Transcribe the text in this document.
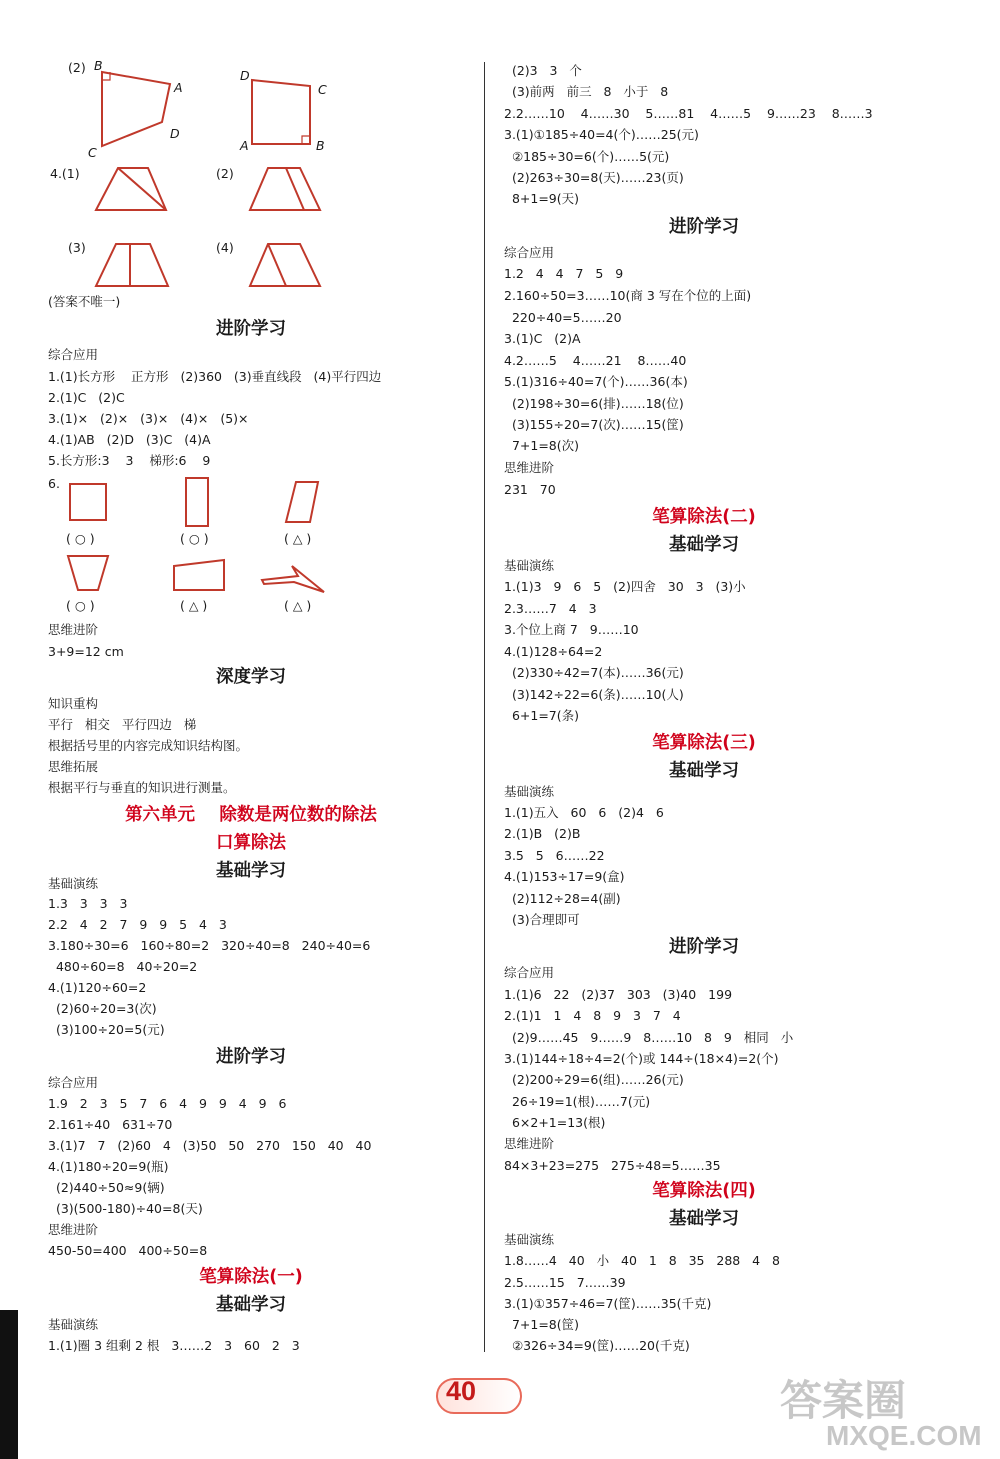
(2) B
A
D
C
D
C
A	B
4.(1)	(2)
(3)	(4)
(答案不唯一)
进阶学习
综合应用
1.(1)长方形    正方形   (2)360   (3)垂直线段   (4)平行四边
2.(1)C   (2)C
3.(1)×   (2)×   (3)×   (4)×   (5)×
4.(1)AB   (2)D   (3)C   (4)A
5.长方形:3    3    梯形:6    9
6.
( ○ )	( ○ )	( △ )
( ○ )	( △ )	( △ )
思维进阶
3+9=12 cm
深度学习
知识重构
平行   相交   平行四边   梯
根据括号里的内容完成知识结构图。
思维拓展
根据平行与垂直的知识进行测量。
第六单元    除数是两位数的除法
口算除法
基础学习
基础演练
1.3   3   3   3
2.2   4   2   7   9   9   5   4   3
3.180÷30=6   160÷80=2   320÷40=8   240÷40=6
480÷60=8   40÷20=2
4.(1)120÷60=2
(2)60÷20=3(次)
(3)100÷20=5(元)
进阶学习
综合应用
1.9   2   3   5   7   6   4   9   9   4   9   6
2.161÷40   631÷70
3.(1)7   7   (2)60   4   (3)50   50   270   150   40   40
4.(1)180÷20=9(瓶)
(2)440÷50≈9(辆)
(3)(500-180)÷40=8(天)
思维进阶
450-50=400   400÷50=8
笔算除法(一)
基础学习
基础演练
1.(1)圈 3 组剩 2 根   3……2   3   60   2   3
(2)3   3   个
(3)前两   前三   8   小于   8
2.2……10    4……30    5……81    4……5    9……23    8……3
3.(1)①185÷40=4(个)……25(元)
②185÷30=6(个)……5(元)
(2)263÷30=8(天)……23(页)
8+1=9(天)
进阶学习
综合应用
1.2   4   4   7   5   9
2.160÷50=3……10(商 3 写在个位的上面)
220÷40=5……20
3.(1)C   (2)A
4.2……5    4……21    8……40
5.(1)316÷40=7(个)……36(本)
(2)198÷30=6(排)……18(位)
(3)155÷20=7(次)……15(筐)
7+1=8(次)
思维进阶
231   70
笔算除法(二)
基础学习
基础演练
1.(1)3   9   6   5   (2)四舍   30   3   (3)小
2.3……7   4   3
3.个位上商 7   9……10
4.(1)128÷64=2
(2)330÷42=7(本)……36(元)
(3)142÷22=6(条)……10(人)
6+1=7(条)
笔算除法(三)
基础学习
基础演练
1.(1)五入   60   6   (2)4   6
2.(1)B   (2)B
3.5   5   6……22
4.(1)153÷17=9(盒)
(2)112÷28=4(副)
(3)合理即可
进阶学习
综合应用
1.(1)6   22   (2)37   303   (3)40   199
2.(1)1   1   4   8   9   3   7   4
(2)9……45   9……9   8……10   8   9   相同   小
3.(1)144÷18÷4=2(个)或 144÷(18×4)=2(个)
(2)200÷29=6(组)……26(元)
26÷19=1(根)……7(元)
6×2+1=13(根)
思维进阶
84×3+23=275   275÷48=5……35
笔算除法(四)
基础学习
基础演练
1.8……4   40   小   40   1   8   35   288   4   8
2.5……15   7……39
3.(1)①357÷46=7(筐)……35(千克)
7+1=8(筐)
②326÷34=9(筐)……20(千克)
40	答案圈
MXQE.COM
